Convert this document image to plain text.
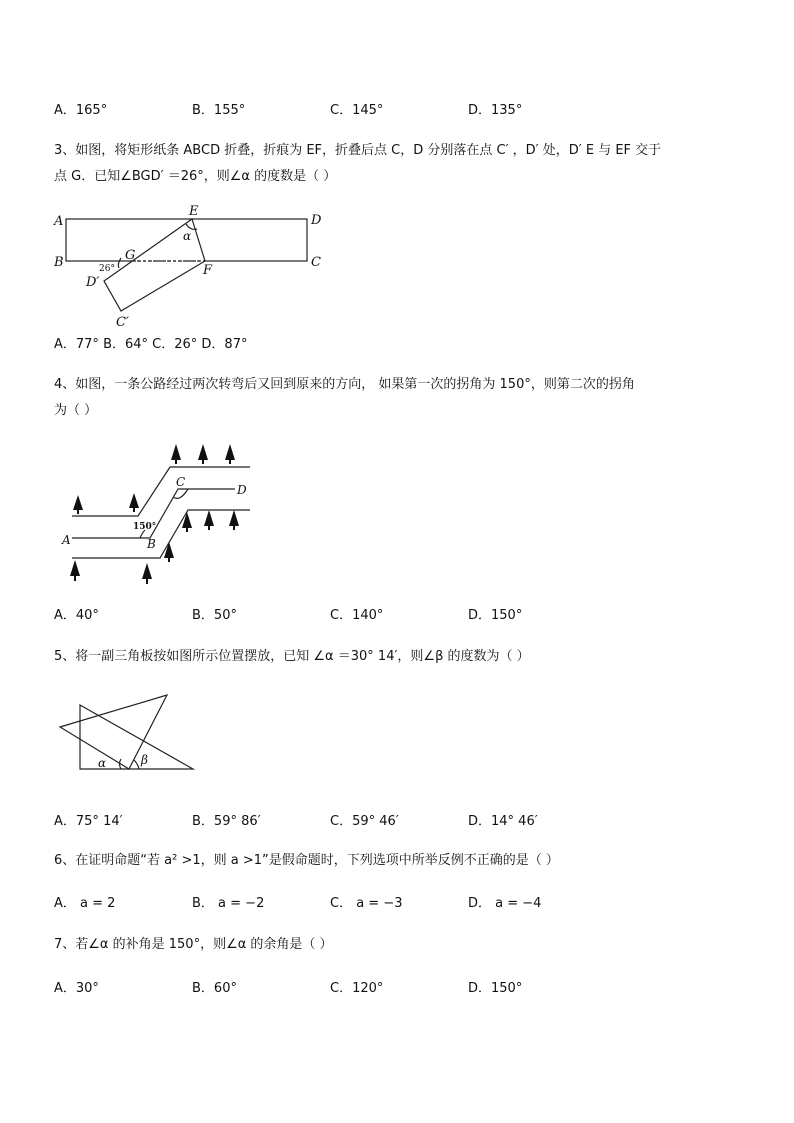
A．165°	B．155°	C．145°	D．135°
3、如图，将矩形纸条 ABCD 折叠，折痕为 EF，折叠后点 C，D 分别落在点 C′ ，D′ 处，D′ E 与 EF 交于
点 G．已知∠BGD′ ＝26°，则∠α 的度数是（ ）
A
B
D
C
E
F
G
D′
C′
α
26°
A．77° B．64° C．26° D．87°
4、如图，一条公路经过两次转弯后又回到原来的方向， 如果第一次的拐角为 150°，则第二次的拐角
为（ ）
A	B
C
D
150°
A．40°	B．50°	C．140°	D．150°
5、将一副三角板按如图所示位置摆放，已知 ∠α ＝30° 14′，则∠β 的度数为（ ）
α	β
A．75° 14′	B．59° 86′	C．59° 46′	D．14° 46′
6、在证明命题“若 a² >1，则 a >1”是假命题时，下列选项中所举反例不正确的是（ ）
A． a = 2	B． a = −2	C． a = −3	D． a = −4
7、若∠α 的补角是 150°，则∠α 的余角是（ ）
A．30°	B．60°	C．120°	D．150°
